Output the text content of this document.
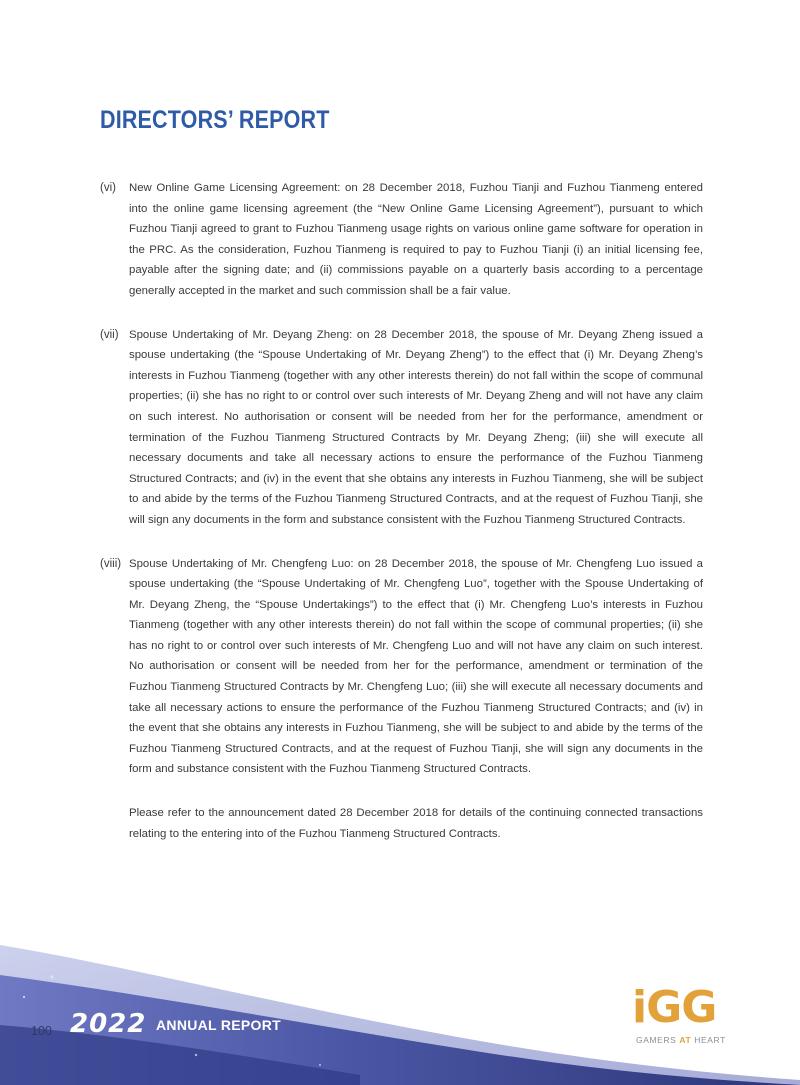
DIRECTORS’ REPORT
(vi) New Online Game Licensing Agreement: on 28 December 2018, Fuzhou Tianji and Fuzhou Tianmeng entered into the online game licensing agreement (the “New Online Game Licensing Agreement”), pursuant to which Fuzhou Tianji agreed to grant to Fuzhou Tianmeng usage rights on various online game software for operation in the PRC. As the consideration, Fuzhou Tianmeng is required to pay to Fuzhou Tianji (i) an initial licensing fee, payable after the signing date; and (ii) commissions payable on a quarterly basis according to a percentage generally accepted in the market and such commission shall be a fair value.

(vii) Spouse Undertaking of Mr. Deyang Zheng: on 28 December 2018, the spouse of Mr. Deyang Zheng issued a spouse undertaking (the “Spouse Undertaking of Mr. Deyang Zheng”) to the effect that (i) Mr. Deyang Zheng’s interests in Fuzhou Tianmeng (together with any other interests therein) do not fall within the scope of communal properties; (ii) she has no right to or control over such interests of Mr. Deyang Zheng and will not have any claim on such interest. No authorisation or consent will be needed from her for the performance, amendment or termination of the Fuzhou Tianmeng Structured Contracts by Mr. Deyang Zheng; (iii) she will execute all necessary documents and take all necessary actions to ensure the performance of the Fuzhou Tianmeng Structured Contracts; and (iv) in the event that she obtains any interests in Fuzhou Tianmeng, she will be subject to and abide by the terms of the Fuzhou Tianmeng Structured Contracts, and at the request of Fuzhou Tianji, she will sign any documents in the form and substance consistent with the Fuzhou Tianmeng Structured Contracts.

(viii) Spouse Undertaking of Mr. Chengfeng Luo: on 28 December 2018, the spouse of Mr. Chengfeng Luo issued a spouse undertaking (the “Spouse Undertaking of Mr. Chengfeng Luo”, together with the Spouse Undertaking of Mr. Deyang Zheng, the “Spouse Undertakings”) to the effect that (i) Mr. Chengfeng Luo’s interests in Fuzhou Tianmeng (together with any other interests therein) do not fall within the scope of communal properties; (ii) she has no right to or control over such interests of Mr. Chengfeng Luo and will not have any claim on such interest. No authorisation or consent will be needed from her for the performance, amendment or termination of the Fuzhou Tianmeng Structured Contracts by Mr. Chengfeng Luo; (iii) she will execute all necessary documents and take all necessary actions to ensure the performance of the Fuzhou Tianmeng Structured Contracts; and (iv) in the event that she obtains any interests in Fuzhou Tianmeng, she will be subject to and abide by the terms of the Fuzhou Tianmeng Structured Contracts, and at the request of Fuzhou Tianji, she will sign any documents in the form and substance consistent with the Fuzhou Tianmeng Structured Contracts.

Please refer to the announcement dated 28 December 2018 for details of the continuing connected transactions relating to the entering into of the Fuzhou Tianmeng Structured Contracts.

100 2022 ANNUAL REPORT	iGG
GAMERS AT HEART
